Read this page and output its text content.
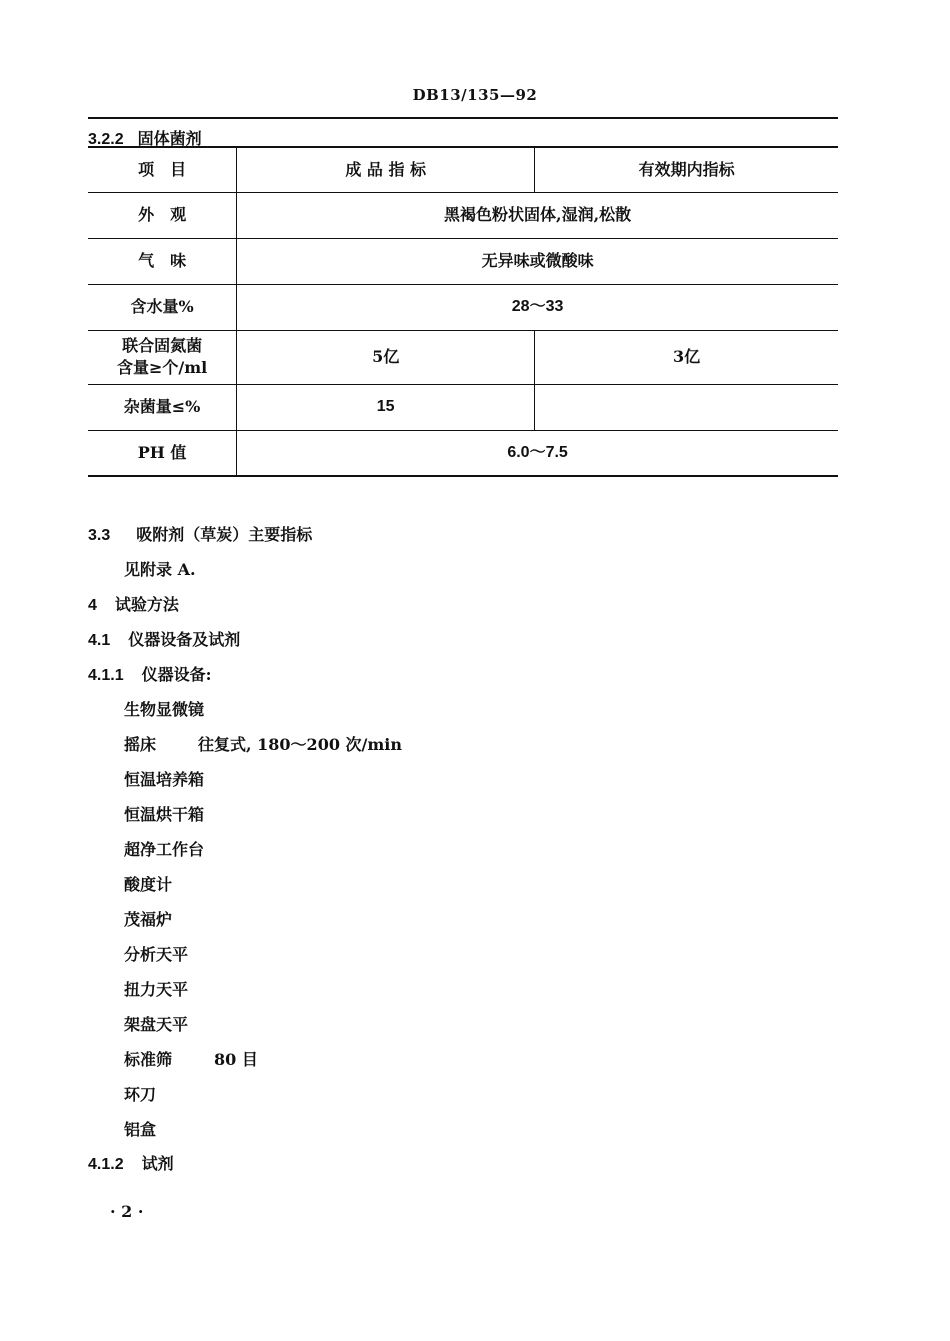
DB13/135—92
3.2.2 固体菌剂
项　目	成 品 指 标	有效期内指标
外　观	黑褐色粉状固体,湿润,松散	
气　味	无异味或微酸味	
含水量%	28～33	

联合固氮菌
含量≥个/ml	5亿	3亿
杂菌量≤%	15	
PH 值	6.0～7.5	
3.3 吸附剂（草炭）主要指标
见附录 A.
4 试验方法
4.1 仪器设备及试剂
4.1.1 仪器设备:
生物显微镜
摇床	往复式, 180～200 次/min
恒温培养箱
恒温烘干箱
超净工作台
酸度计
茂福炉
分析天平
扭力天平
架盘天平
标准筛	80 目
环刀
铝盒
4.1.2 试剂
· 2 ·
